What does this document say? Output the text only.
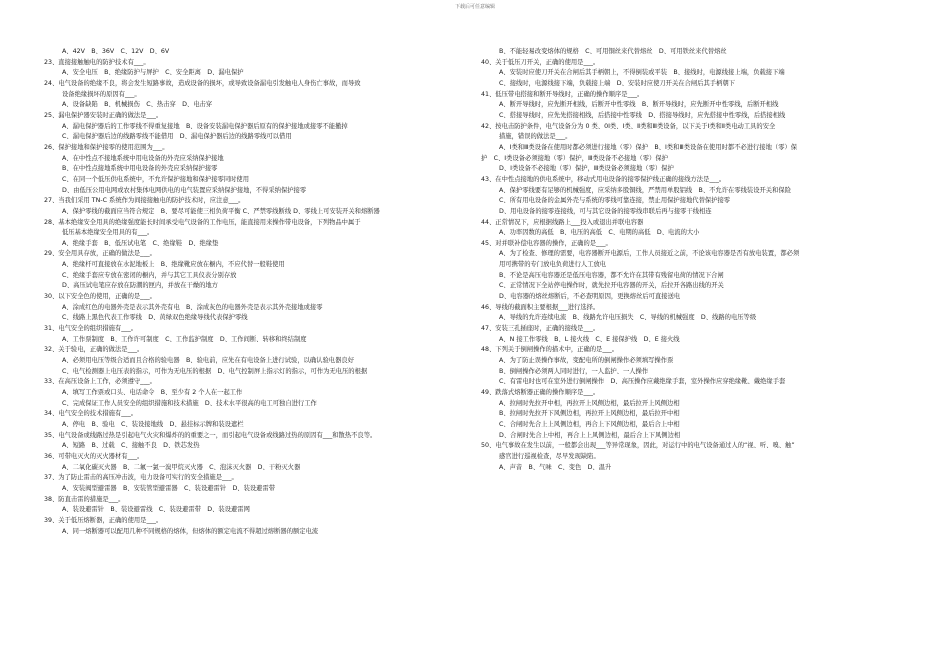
下载后可任意编辑
A、42V　B、36V　C、12V　D、6V
23、直接接触触电的防护技术有___。
A、安全电压　B、绝缘防护与屏护　C、安全距离　D、漏电保护
24、电气设备的绝缘不良，将会发生短路事故，造成设备的损坏，或导致设备漏电引发触电人身伤亡事故，而导致
设备绝缘损坏的原因有___。
A、设备缺陷　B、机械损伤　C、热击穿　D、电击穿
25、漏电保护器安装时正确的做法是___。
A、漏电保护器后的工作零线不得重复接地　B、设备安装漏电保护器后原有的保护接地或接零不能撤掉
C、漏电保护器后边的线路零线不能借用　D、漏电保护器后边的线路零线可以借用
26、保护接地和保护接零的使用范围为___。
A、在中性点不接地系统中用电设备的外壳应采纳保护接地
B、在中性点接地系统中用电设备的外壳应采纳保护接零
C、在同一个低压供电系统中，不允许保护接地和保护接零同时使用
D、由低压公用电网或农村集体电网供电的电气装置应采纳保护接地，不得采纳保护接零
27、当我们采用 TN-C 系统作为间接接触电的防护技术时，应注意___。
A、保护零线的截面应当符合规定　B、要尽可能使三相负荷平衡 C、严禁零线断线 D、零线上可安装开关和熔断器
28、基本绝缘安全用具的绝缘强度能长时间承受电气设备的工作电压，能直接用来操作带电设备，下列物品中属于
低压基本绝缘安全用具的有___。
A、绝缘手套　B、低压试电笔　C、绝缘鞋　D、绝缘垫
29、安全用具存放，正确的做法是___。
A、绝缘杆可直接放在水泥地板上　B、绝缘靴应放在橱内，不应代替一般鞋使用
C、绝缘手套应专放在密闭的橱内，并与其它工具仪表分别存放
D、高压试电笔应存放在防潮的匣内，并放在干燥的地方
30、以下安全色的使用，正确的是___。
A、涂成红色的电器外壳是表示其外壳有电　B、涂成灰色的电器外壳是表示其外壳接地或接零
C、线路上黑色代表工作零线　D、黄绿双色绝缘导线代表保护零线
31、电气安全的组织措施有___。
A、工作票制度　B、工作许可制度　C、工作监护制度　D、工作间断、转移和终结制度
32、关于验电，正确的做法是___。
A、必须用电压等级合适而且合格的验电器　B、验电前，应先在有电设备上进行试验，以确认验电器良好
C、电气检测器上电压表的指示，可作为无电压的根据　D、电气控制屏上指示灯的指示，可作为无电压的根据
33、在高压设备上工作，必须遵守___。
A、填写工作票或口头、电话命令　B、至少有 2 个人在一起工作
C、完成保证工作人员安全的组织措施和技术措施　D、技术水平很高的电工可独自进行工作
34、电气安全的技术措施有___。
A、停电　B、验电　C、装设接地线　D、悬挂标示牌和装设遮栏
35、电气设备或线路过热是引起电气火灾和爆炸的的重要之一，而引起电气设备或线路过热的原因有___和散热不良等。
A、短路　B、过载　C、接触不良　D、铁芯发热
36、可带电灭火的灭火器材有___。
A、二氧化碳灭火器　B、二氟一氯一溴甲烷灭火器　C、泡沫灭火器　D、干粉灭火器
37、为了防止雷击的高压冲击波，电力设备可实行的安全措施是___。
A、安装阀型避雷器　B、安装管型避雷器　C、装设避雷针　D、装设避雷带
38、防直击雷的措施是___。
A、装设避雷针　B、装设避雷线　C、装设避雷带　D、装设避雷网
39、关于低压熔断器，正确的使用是___。
A、同一熔断器可以配用几种不同规格的熔体，但熔体的额定电流不得超过熔断器的额定电流
B、不能轻易改变熔体的规格　C、可用铜丝来代替熔丝　D、可用铁丝来代替熔丝
40、关于低压刀开关，正确的使用是___。
A、安装时应使刀开关在合闸后其手柄朝上，不得倒装或平装　B、接线时，电源线接上端，负载接下端
C、接线时，电源线接下端，负载接上端　D、安装时应使刀开关在合闸后其手柄朝下
41、低压带电搭接和断开导线时，正确的操作顺序是___。
A、断开导线时，应先断开相线，后断开中性零线　B、断开导线时，应先断开中性零线，后断开相线
C、搭接导线时，应先先搭接相线，后搭接中性零线　D、搭接导线时，应先搭接中性零线，后搭接相线
42、按电击防护条件，电气设备分为 0 类、0Ⅰ类、Ⅰ类、Ⅱ类和Ⅲ类设备，以下关于Ⅰ类和Ⅱ类电动工具的安全
措施，错误的做法是___。
A、Ⅰ类和Ⅲ类设备在使用时都必须进行接地（零）保护　B、Ⅰ类和Ⅲ类设备在使用时都不必进行接地（零）保
护　C、Ⅰ类设备必须接地（零）保护，Ⅲ类设备不必接地（零）保护
D、Ⅰ类设备不必接地（零）保护，Ⅲ类设备必须接地（零）保护
43、在中性点接地的供电系统中，移动式用电设备的接零保护线正确的接线方法是___。
A、保护零线要有足够的机械强度，应采纳多股铜线，严禁用单股铝线　B、不允许在零线装设开关和保险
C、所有用电设备的金属外壳与系统的零线可靠连接，禁止用保护接地代替保护接零
D、用电设备的接零连接线，可与其它设备的接零线串联后再与接零干线相连
44、正常情况下，应根据线路上___投入或退出并联电容器
A、功率因数的高低　B、电压的高低　C、电期的高低　D、电流的大小
45、对并联补偿电容器的操作，正确的是___。
A、为了检查、修理的需要，电容器断开电源后，工作人员接近之前，不论该电容器是否有放电装置，都必须
用可携带的专门放电负荷进行人工放电
B、不论是高压电容器还是低压电容器，都不允许在其带有残留电荷的情况下合闸
C、正常情况下全站停电操作时，就先拉开电容器的开关，后拉开各路出线的开关
D、电容器的熔丝熔断后，不必查明原因，更换熔丝后可直接送电
46、导线的截面积主要根据___进行选择。
A、导线的允许连续电流　B、线路允许电压损失　C、导线的机械强度　D、线路的电压等级
47、安装三孔插座时，正确的接线是___。
A、N 接工作零线　B、L 接火线　C、E 接保护线　D、E 接火线
48、下列关于倒闸操作的描术中，正确的是___。
A、为了防止误操作事故，变配电所的倒闸操作必须填写操作票
B、倒闸操作必须两人同时进行，一人监护、一人操作
C、有雷电时也可在室外进行倒闸操作　D、高压操作应戴绝缘手套，室外操作应穿绝缘靴、戴绝缘手套
49、跌落式熔断器正确的操作顺序是___。
A、拉闸时先拉开中相，再拉开上风侧边相，最后拉开上风侧边相
B、拉闸时先拉开下风侧边相，再拉开上风侧边相，最后拉开中相
C、合闸时先合上上风侧边相，再合上下风侧边相，最后合上中相
D、合闸时先合上中相，再合上上风侧边相，最后合上下风侧边相
50、电气事故在发生以前，一般都会出现___等异常现象，因此，对运行中的电气设备通过人的“视、听、嗅、触”
感官进行巡视检查，尽早发现缺陷。
A、声音　B、气味　C、变色　D、温升
